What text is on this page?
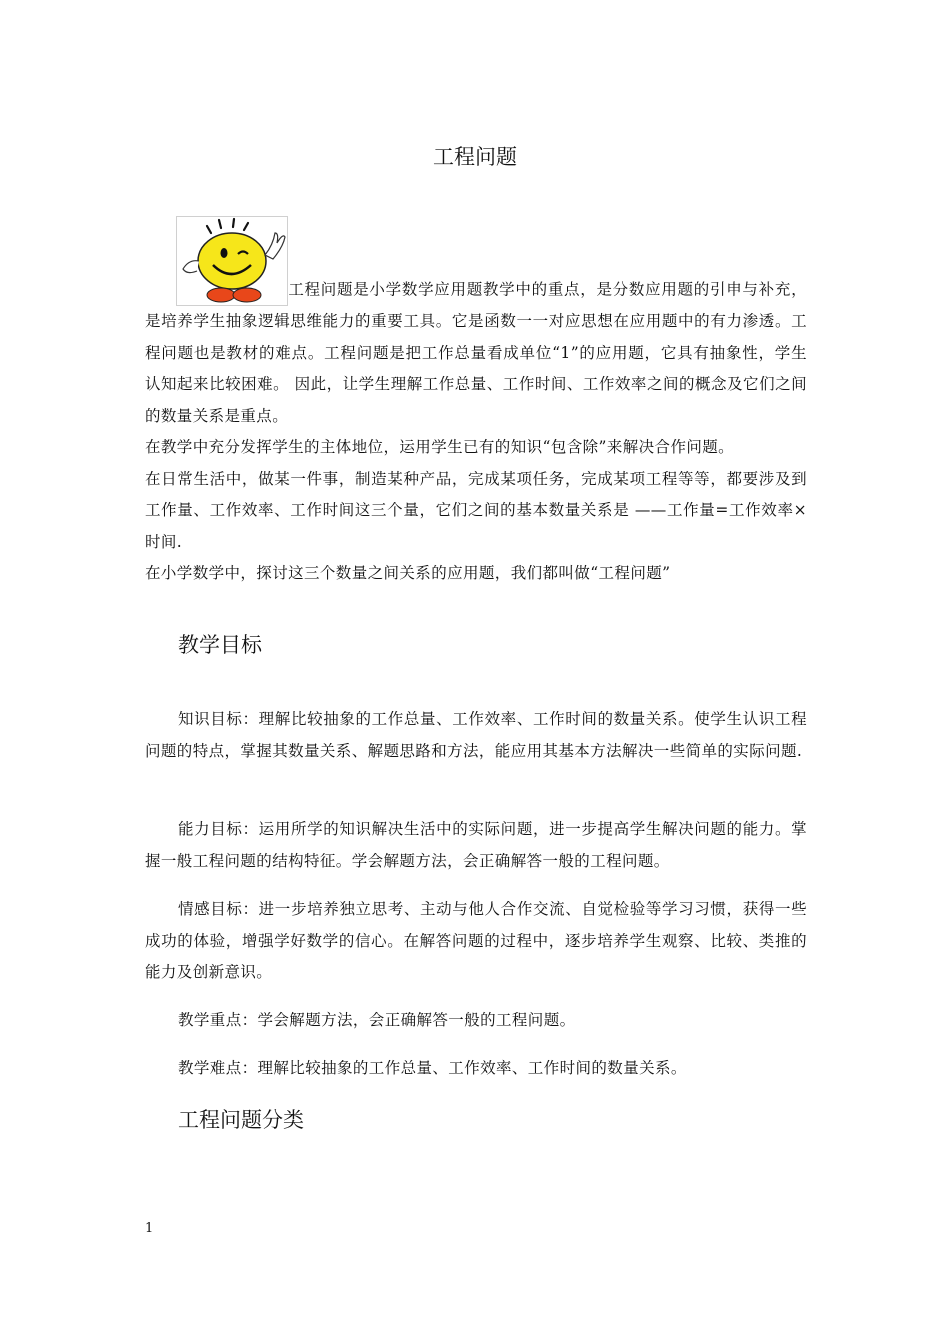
工程问题

工程问题是小学数学应用题教学中的重点，是分数应用题的引申与补充，是培养学生抽象逻辑思维能力的重要工具。它是函数一一对应思想在应用题中的有力渗透。工程问题也是教材的难点。工程问题是把工作总量看成单位“1”的应用题，它具有抽象性，学生认知起来比较困难。 因此，让学生理解工作总量、工作时间、工作效率之间的概念及它们之间的数量关系是重点。

在教学中充分发挥学生的主体地位，运用学生已有的知识“包含除”来解决合作问题。

在日常生活中，做某一件事，制造某种产品，完成某项任务，完成某项工程等等，都要涉及到工作量、工作效率、工作时间这三个量，它们之间的基本数量关系是 ——工作量=工作效率×时间.

在小学数学中，探讨这三个数量之间关系的应用题，我们都叫做“工程问题”

教学目标

知识目标：理解比较抽象的工作总量、工作效率、工作时间的数量关系。使学生认识工程问题的特点，掌握其数量关系、解题思路和方法，能应用其基本方法解决一些简单的实际问题.

能力目标：运用所学的知识解决生活中的实际问题，进一步提高学生解决问题的能力。掌握一般工程问题的结构特征。学会解题方法，会正确解答一般的工程问题。

情感目标：进一步培养独立思考、主动与他人合作交流、自觉检验等学习习惯，获得一些成功的体验，增强学好数学的信心。在解答问题的过程中，逐步培养学生观察、比较、类推的能力及创新意识。

教学重点：学会解题方法，会正确解答一般的工程问题。

教学难点：理解比较抽象的工作总量、工作效率、工作时间的数量关系。

工程问题分类
1
